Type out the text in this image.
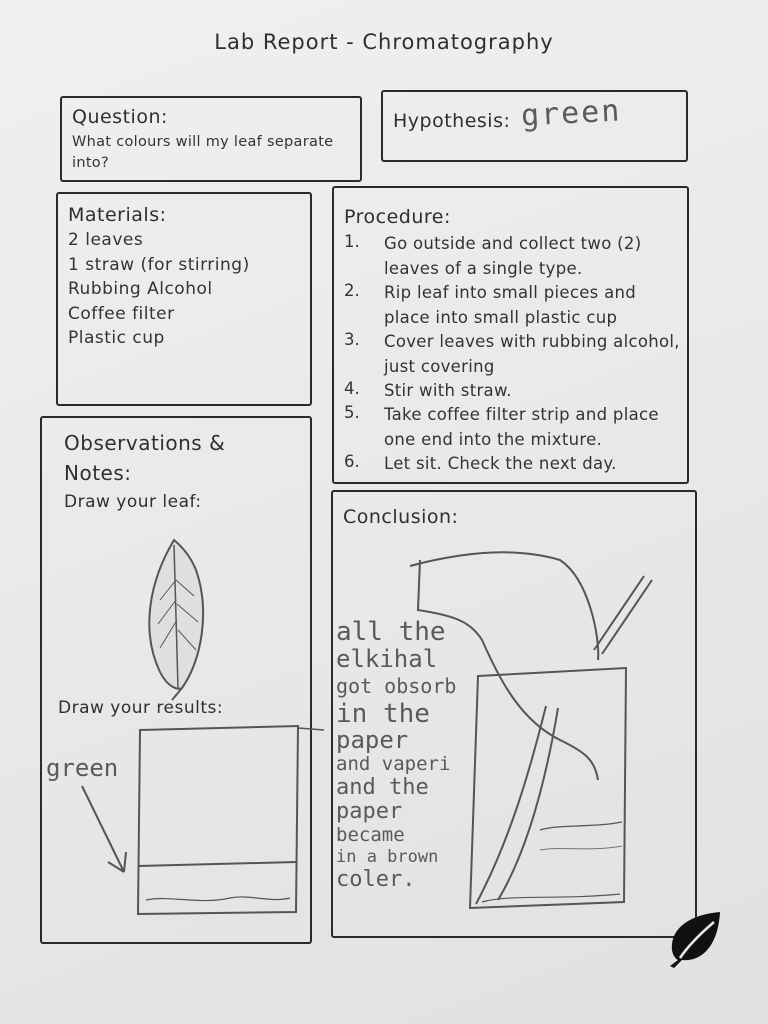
Lab Report - Chromatography
Question:
What colours will my leaf separate into?
Hypothesis: green
Materials:
2 leaves
1 straw (for stirring)
Rubbing Alcohol
Coffee filter
Plastic cup
Procedure:
1. Go outside and collect two (2) leaves of a single type.
2. Rip leaf into small pieces and place into small plastic cup
3. Cover leaves with rubbing alcohol, just covering
4. Stir with straw.
5. Take coffee filter strip and place one end into the mixture.
6. Let sit. Check the next day.
Observations & Notes:
Draw your leaf:
Draw your results:
green
Conclusion:
all the
elkihal
got obsorb
in the
paper
and vaperi
and the
paper
became
in a brown
coler.
